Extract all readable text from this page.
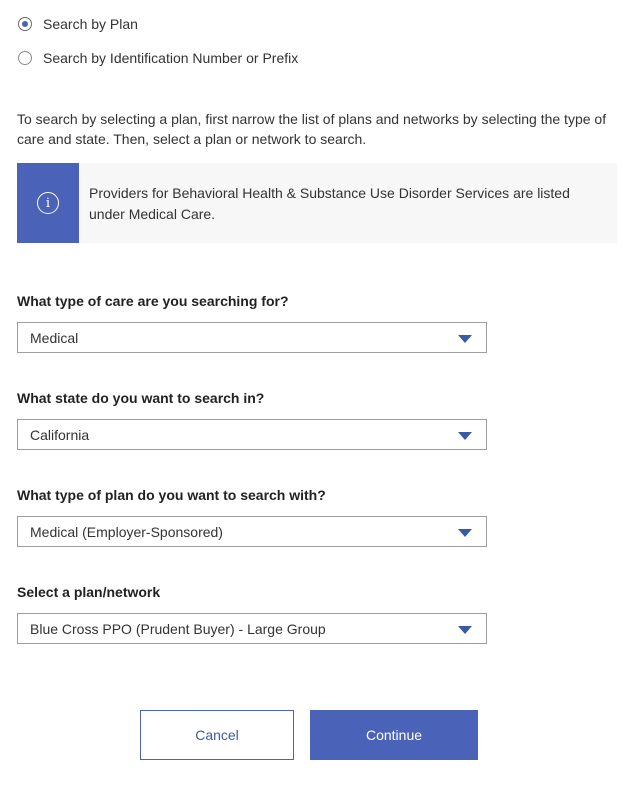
Search by Plan
Search by Identification Number or Prefix
To search by selecting a plan, first narrow the list of plans and networks by selecting the type of care and state. Then, select a plan or network to search.
i
Providers for Behavioral Health & Substance Use Disorder Services are listed under Medical Care.
What type of care are you searching for?
Medical
What state do you want to search in?
California
What type of plan do you want to search with?
Medical (Employer-Sponsored)
Select a plan/network
Blue Cross PPO (Prudent Buyer) - Large Group
Cancel	Continue
